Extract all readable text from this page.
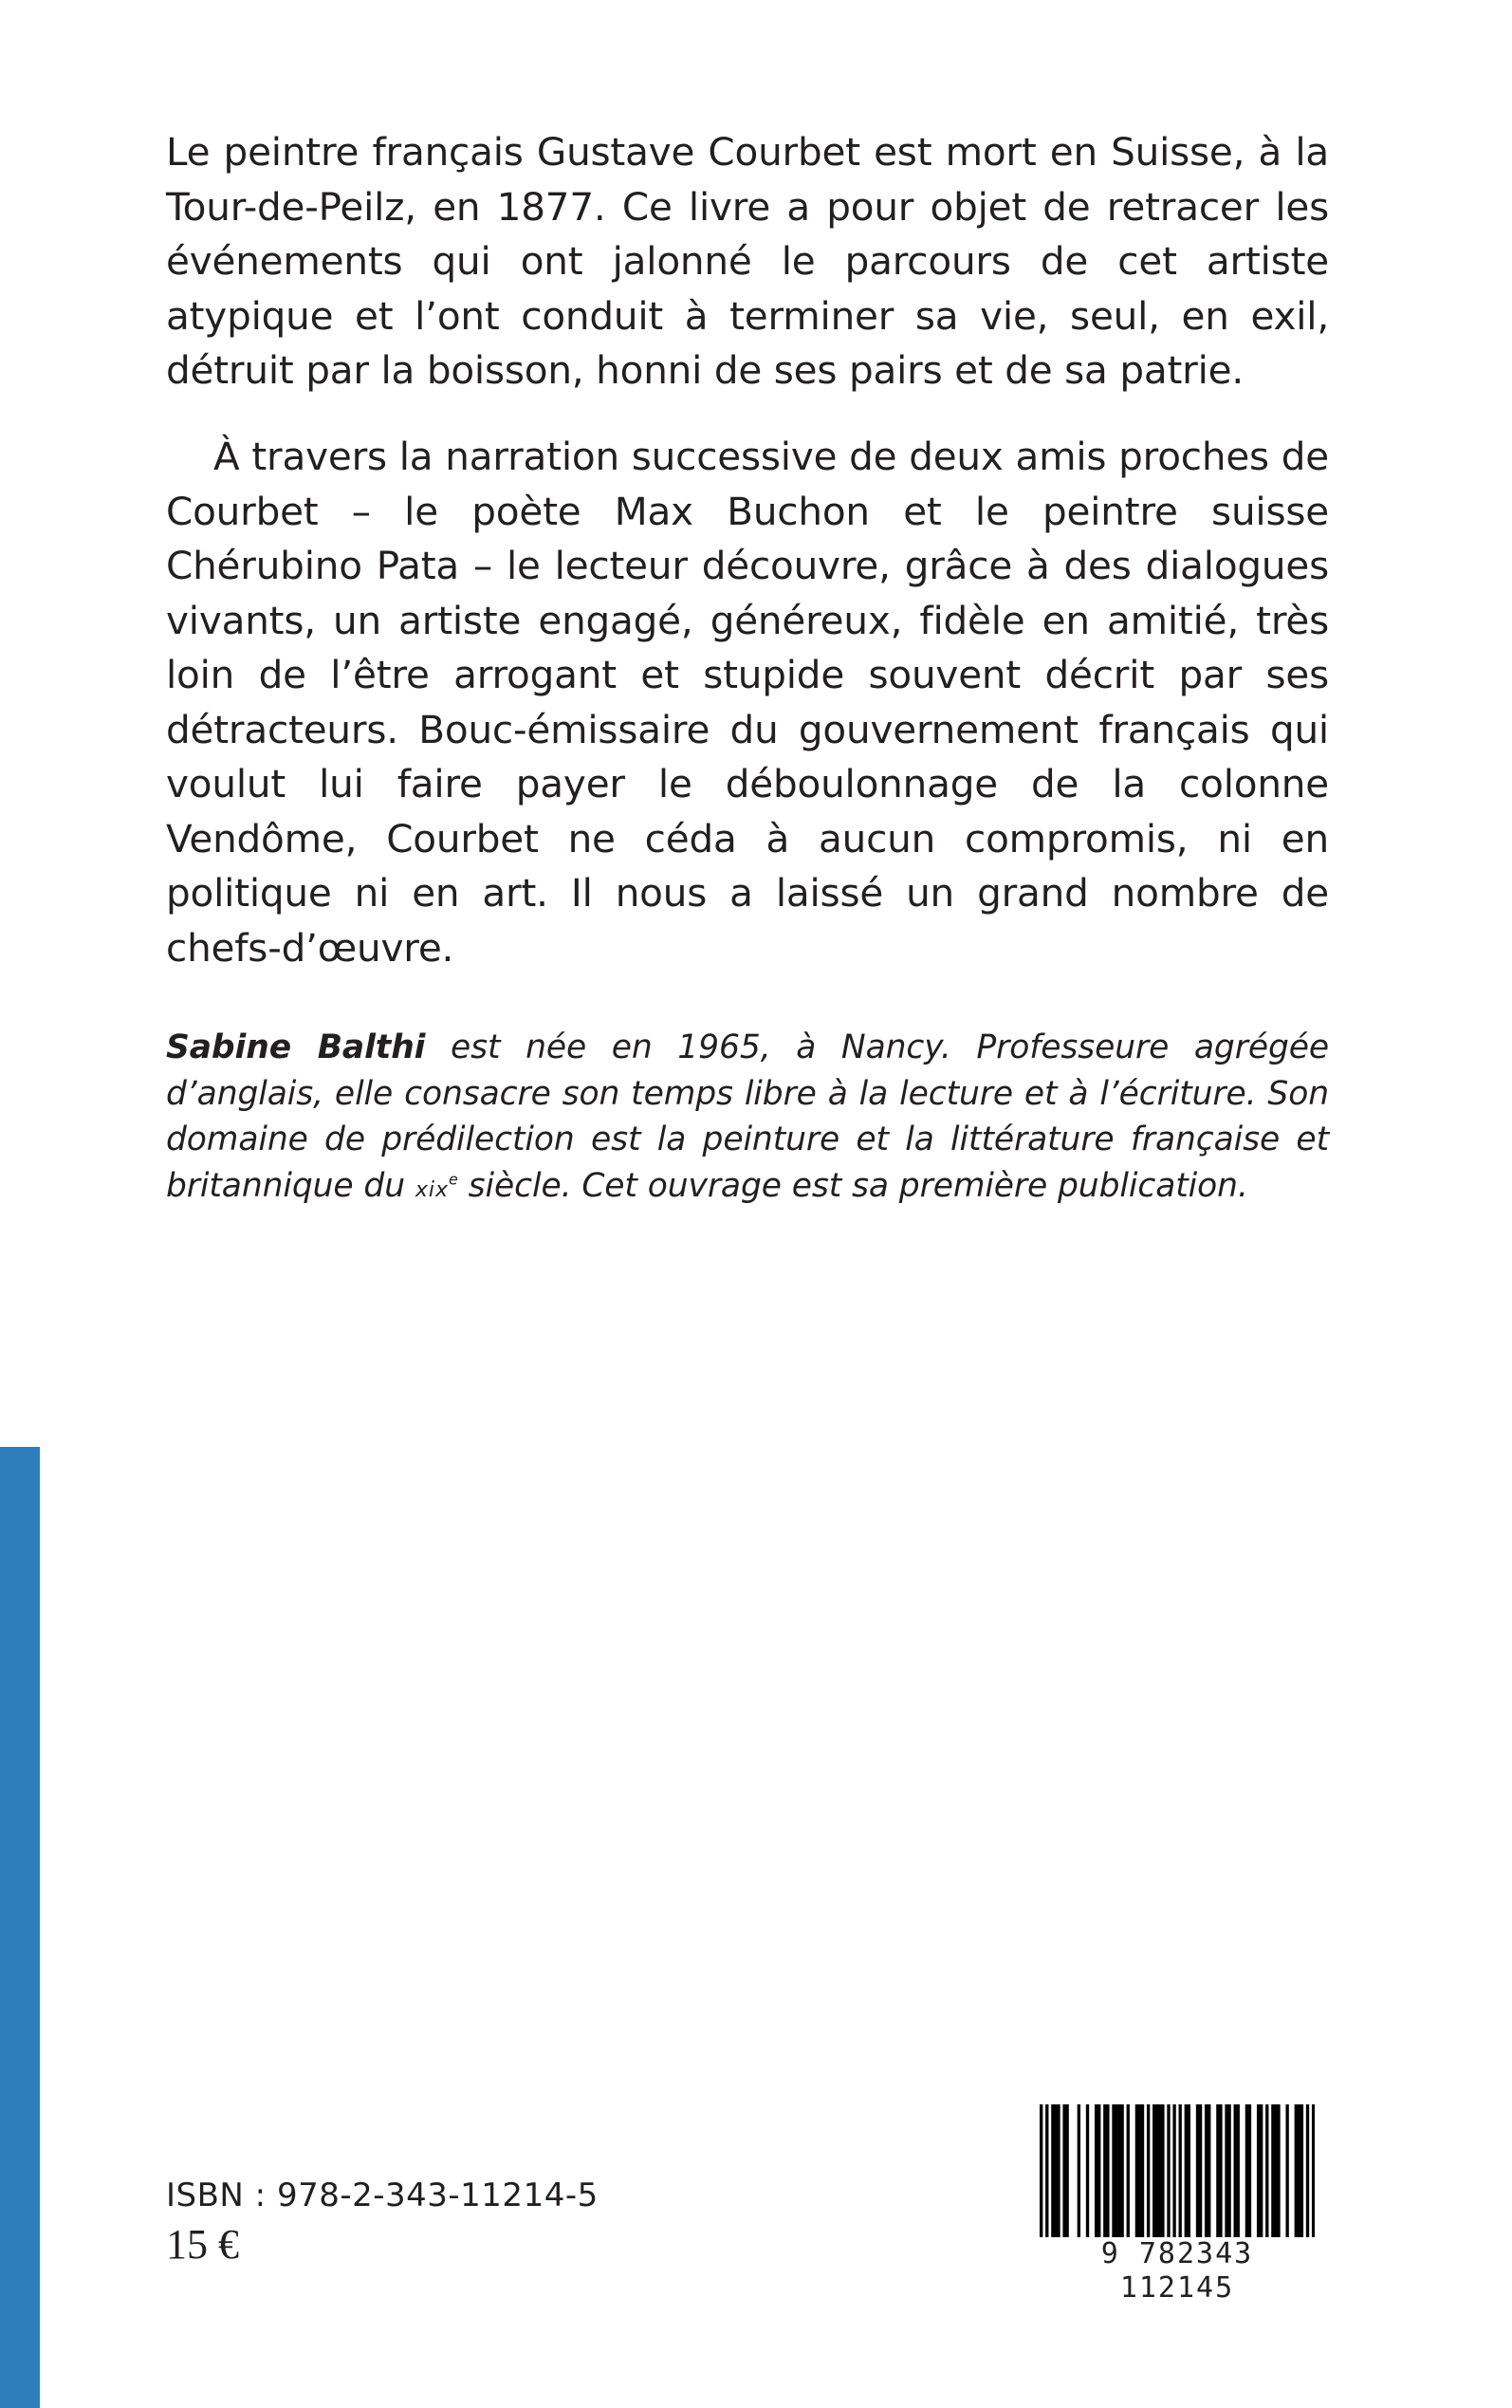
Le peintre français Gustave Courbet est mort en Suisse, à la Tour-de-Peilz, en 1877. Ce livre a pour objet de retracer les événements qui ont jalonné le parcours de cet artiste atypique et l’ont conduit à terminer sa vie, seul, en exil, détruit par la boisson, honni de ses pairs et de sa patrie.

À travers la narration successive de deux amis proches de Courbet – le poète Max Buchon et le peintre suisse Chérubino Pata – le lecteur découvre, grâce à des dialogues vivants, un artiste engagé, généreux, fidèle en amitié, très loin de l’être arrogant et stupide souvent décrit par ses détracteurs. Bouc-émissaire du gouvernement français qui voulut lui faire payer le déboulonnage de la colonne Vendôme, Courbet ne céda à aucun compromis, ni en politique ni en art. Il nous a laissé un grand nombre de chefs-d’œuvre.

Sabine Balthi est née en 1965, à Nancy. Professeure agrégée d’anglais, elle consacre son temps libre à la lecture et à l’écriture. Son domaine de prédilection est la peinture et la littérature française et britannique du xix$^e$ siècle. Cet ouvrage est sa première publication.

ISBN : 978-2-343-11214-5
15 €	9 782343 112145
